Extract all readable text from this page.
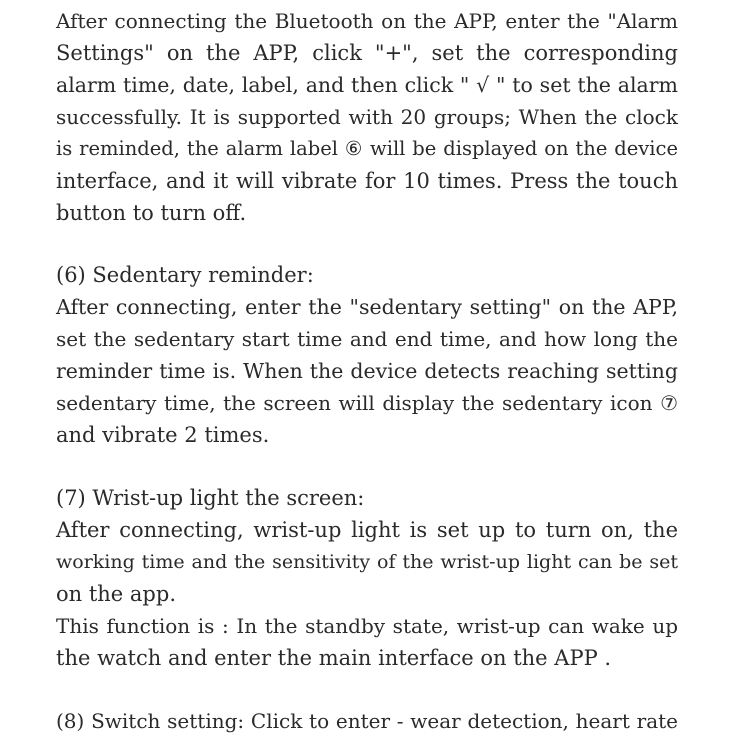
After connecting the Bluetooth on the APP, enter the "Alarm
Settings" on the APP, click "+", set the corresponding
alarm time, date, label, and then click " √ " to set the alarm
successfully. It is supported with 20 groups; When the clock
is reminded, the alarm label ⑥ will be displayed on the device
interface, and it will vibrate for 10 times. Press the touch
button to turn off.
(6) Sedentary reminder:
After connecting, enter the "sedentary setting" on the APP,
set the sedentary start time and end time, and how long the
reminder time is. When the device detects reaching setting
sedentary time, the screen will display the sedentary icon ⑦
and vibrate 2 times.
(7) Wrist-up light the screen:
After connecting, wrist-up light is set up to turn on, the
working time and the sensitivity of the wrist-up light can be set
on the app.
This function is : In the standby state, wrist-up can wake up
the watch and enter the main interface on the APP .
(8) Switch setting: Click to enter - wear detection, heart rate
